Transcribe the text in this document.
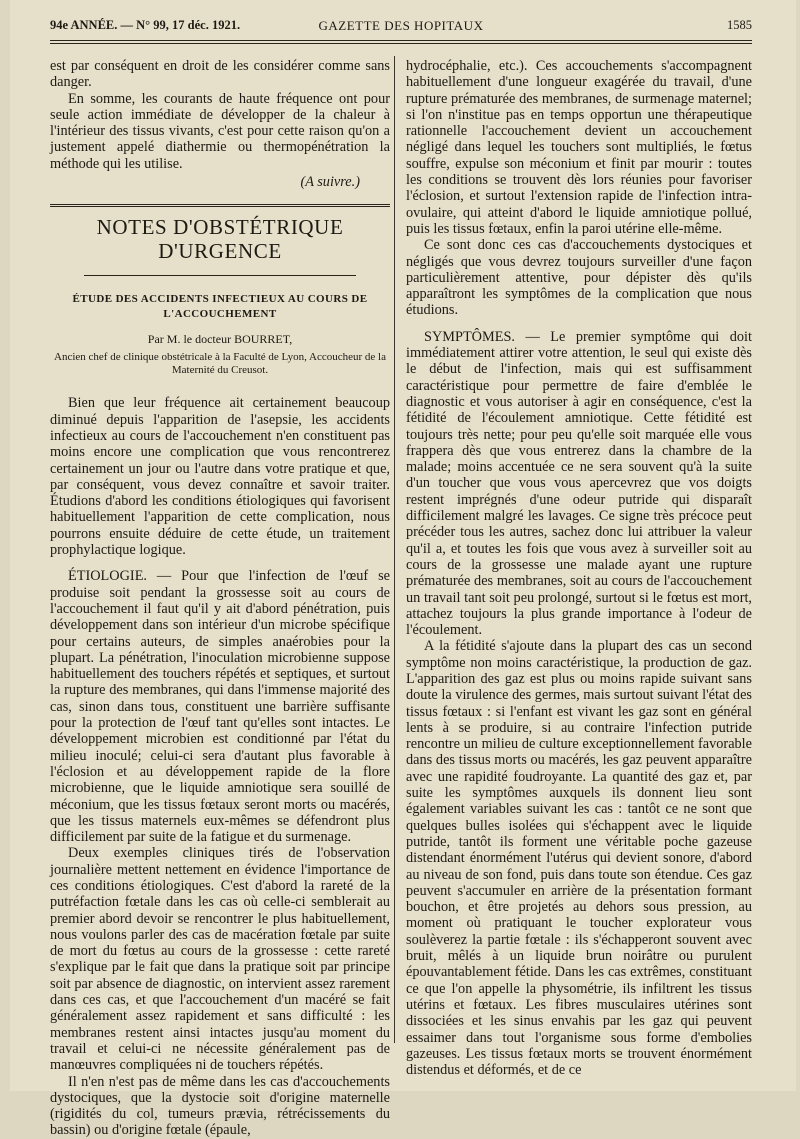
94e ANNÉE. — N° 99, 17 déc. 1921.	GAZETTE DES HOPITAUX	1585

est par conséquent en droit de les considérer comme sans danger.

En somme, les courants de haute fréquence ont pour seule action immédiate de développer de la chaleur à l'intérieur des tissus vivants, c'est pour cette raison qu'on a justement appelé diathermie ou thermopénétration la méthode qui les utilise.

(A suivre.)
NOTES D'OBSTÉTRIQUE D'URGENCE
ÉTUDE DES ACCIDENTS INFECTIEUX AU COURS DE L'ACCOUCHEMENT
Par M. le docteur BOURRET,
Ancien chef de clinique obstétricale à la Faculté de Lyon, Accoucheur de la Maternité du Creusot.

Bien que leur fréquence ait certainement beaucoup diminué depuis l'apparition de l'asepsie, les accidents infectieux au cours de l'accouchement n'en constituent pas moins encore une complication que vous rencontrerez certainement un jour ou l'autre dans votre pratique et que, par conséquent, vous devez connaître et savoir traiter. Étudions d'abord les conditions étiologiques qui favorisent habituellement l'apparition de cette complication, nous pourrons ensuite déduire de cette étude, un traitement prophylactique logique.

ÉTIOLOGIE. — Pour que l'infection de l'œuf se produise soit pendant la grossesse soit au cours de l'accouchement il faut qu'il y ait d'abord pénétration, puis développement dans son intérieur d'un microbe spécifique pour certains auteurs, de simples anaérobies pour la plupart. La pénétration, l'inoculation microbienne suppose habituellement des touchers répétés et septiques, et surtout la rupture des membranes, qui dans l'immense majorité des cas, sinon dans tous, constituent une barrière suffisante pour la protection de l'œuf tant qu'elles sont intactes. Le développement microbien est conditionné par l'état du milieu inoculé; celui-ci sera d'autant plus favorable à l'éclosion et au développement rapide de la flore microbienne, que le liquide amniotique sera souillé de méconium, que les tissus fœtaux seront morts ou macérés, que les tissus maternels eux-mêmes se défendront plus difficilement par suite de la fatigue et du surmenage.

Deux exemples cliniques tirés de l'observation journalière mettent nettement en évidence l'importance de ces conditions étiologiques. C'est d'abord la rareté de la putréfaction fœtale dans les cas où celle-ci semblerait au premier abord devoir se rencontrer le plus habituellement, nous voulons parler des cas de macération fœtale par suite de mort du fœtus au cours de la grossesse : cette rareté s'explique par le fait que dans la pratique soit par principe soit par absence de diagnostic, on intervient assez rarement dans ces cas, et que l'accouchement d'un macéré se fait généralement assez rapidement et sans difficulté : les membranes restent ainsi intactes jusqu'au moment du travail et celui-ci ne nécessite généralement pas de manœuvres compliquées ni de touchers répétés.

Il n'en n'est pas de même dans les cas d'accouchements dystociques, que la dystocie soit d'origine maternelle (rigidités du col, tumeurs prævia, rétrécissements du bassin) ou d'origine fœtale (épaule,

hydrocéphalie, etc.). Ces accouchements s'accompagnent habituellement d'une longueur exagérée du travail, d'une rupture prématurée des membranes, de surmenage maternel; si l'on n'institue pas en temps opportun une thérapeutique rationnelle l'accouchement devient un accouchement négligé dans lequel les touchers sont multipliés, le fœtus souffre, expulse son méconium et finit par mourir : toutes les conditions se trouvent dès lors réunies pour favoriser l'éclosion, et surtout l'extension rapide de l'infection intra-ovulaire, qui atteint d'abord le liquide amniotique pollué, puis les tissus fœtaux, enfin la paroi utérine elle-même.

Ce sont donc ces cas d'accouchements dystociques et négligés que vous devrez toujours surveiller d'une façon particulièrement attentive, pour dépister dès qu'ils apparaîtront les symptômes de la complication que nous étudions.

SYMPTÔMES. — Le premier symptôme qui doit immédiatement attirer votre attention, le seul qui existe dès le début de l'infection, mais qui est suffisamment caractéristique pour permettre de faire d'emblée le diagnostic et vous autoriser à agir en conséquence, c'est la fétidité de l'écoulement amniotique. Cette fétidité est toujours très nette; pour peu qu'elle soit marquée elle vous frappera dès que vous entrerez dans la chambre de la malade; moins accentuée ce ne sera souvent qu'à la suite d'un toucher que vous vous apercevrez que vos doigts restent imprégnés d'une odeur putride qui disparaît difficilement malgré les lavages. Ce signe très précoce peut précéder tous les autres, sachez donc lui attribuer la valeur qu'il a, et toutes les fois que vous avez à surveiller soit au cours de la grossesse une malade ayant une rupture prématurée des membranes, soit au cours de l'accouchement un travail tant soit peu prolongé, surtout si le fœtus est mort, attachez toujours la plus grande importance à l'odeur de l'écoulement.

A la fétidité s'ajoute dans la plupart des cas un second symptôme non moins caractéristique, la production de gaz. L'apparition des gaz est plus ou moins rapide suivant sans doute la virulence des germes, mais surtout suivant l'état des tissus fœtaux : si l'enfant est vivant les gaz sont en général lents à se produire, si au contraire l'infection putride rencontre un milieu de culture exceptionnellement favorable dans des tissus morts ou macérés, les gaz peuvent apparaître avec une rapidité foudroyante. La quantité des gaz et, par suite les symptômes auxquels ils donnent lieu sont également variables suivant les cas : tantôt ce ne sont que quelques bulles isolées qui s'échappent avec le liquide putride, tantôt ils forment une véritable poche gazeuse distendant énormément l'utérus qui devient sonore, d'abord au niveau de son fond, puis dans toute son étendue. Ces gaz peuvent s'accumuler en arrière de la présentation formant bouchon, et être projetés au dehors sous pression, au moment où pratiquant le toucher explorateur vous soulèverez la partie fœtale : ils s'échapperont souvent avec bruit, mêlés à un liquide brun noirâtre ou purulent épouvantablement fétide. Dans les cas extrêmes, constituant ce que l'on appelle la physométrie, ils infiltrent les tissus utérins et fœtaux. Les fibres musculaires utérines sont dissociées et les sinus envahis par les gaz qui peuvent essaimer dans tout l'organisme sous forme d'embolies gazeuses. Les tissus fœtaux morts se trouvent énormément distendus et déformés, et de ce
